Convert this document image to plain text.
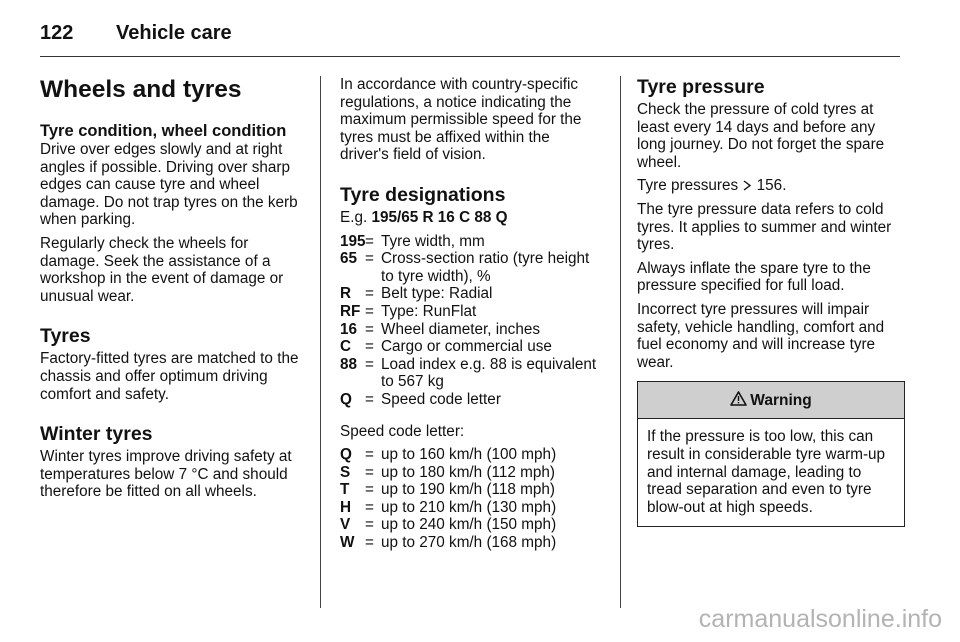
122 Vehicle care
Wheels and tyres
Tyre condition, wheel condition

Drive over edges slowly and at right angles if possible. Driving over sharp edges can cause tyre and wheel damage. Do not trap tyres on the kerb when parking.

Regularly check the wheels for damage. Seek the assistance of a workshop in the event of damage or unusual wear.

Tyres

Factory-fitted tyres are matched to the chassis and offer optimum driving comfort and safety.

Winter tyres

Winter tyres improve driving safety at temperatures below 7 °C and should therefore be fitted on all wheels.

In accordance with country-specific regulations, a notice indicating the maximum permissible speed for the tyres must be affixed within the driver's field of vision.

Tyre designations

E.g. 195/65 R 16 C 88 Q

195 = Tyre width, mm
65 = Cross-section ratio (tyre height to tyre width), %
R = Belt type: Radial
RF = Type: RunFlat
16 = Wheel diameter, inches
C = Cargo or commercial use
88 = Load index e.g. 88 is equivalent to 567 kg
Q = Speed code letter

Speed code letter:

Q = up to 160 km/h (100 mph)
S = up to 180 km/h (112 mph)
T	= up to 190 km/h (118 mph)
H = up to 210 km/h (130 mph)
V = up to 240 km/h (150 mph)
W = up to 270 km/h (168 mph)
Tyre pressure

Check the pressure of cold tyres at least every 14 days and before any long journey. Do not forget the spare wheel.

Tyre pressures 156.

The tyre pressure data refers to cold tyres. It applies to summer and winter tyres.

Always inflate the spare tyre to the pressure specified for full load.

Incorrect tyre pressures will impair safety, vehicle handling, comfort and fuel economy and will increase tyre wear.

Warning
If the pressure is too low, this can result in considerable tyre warm-up and internal damage, leading to tread separation and even to tyre blow-out at high speeds.
carmanualsonline.info
